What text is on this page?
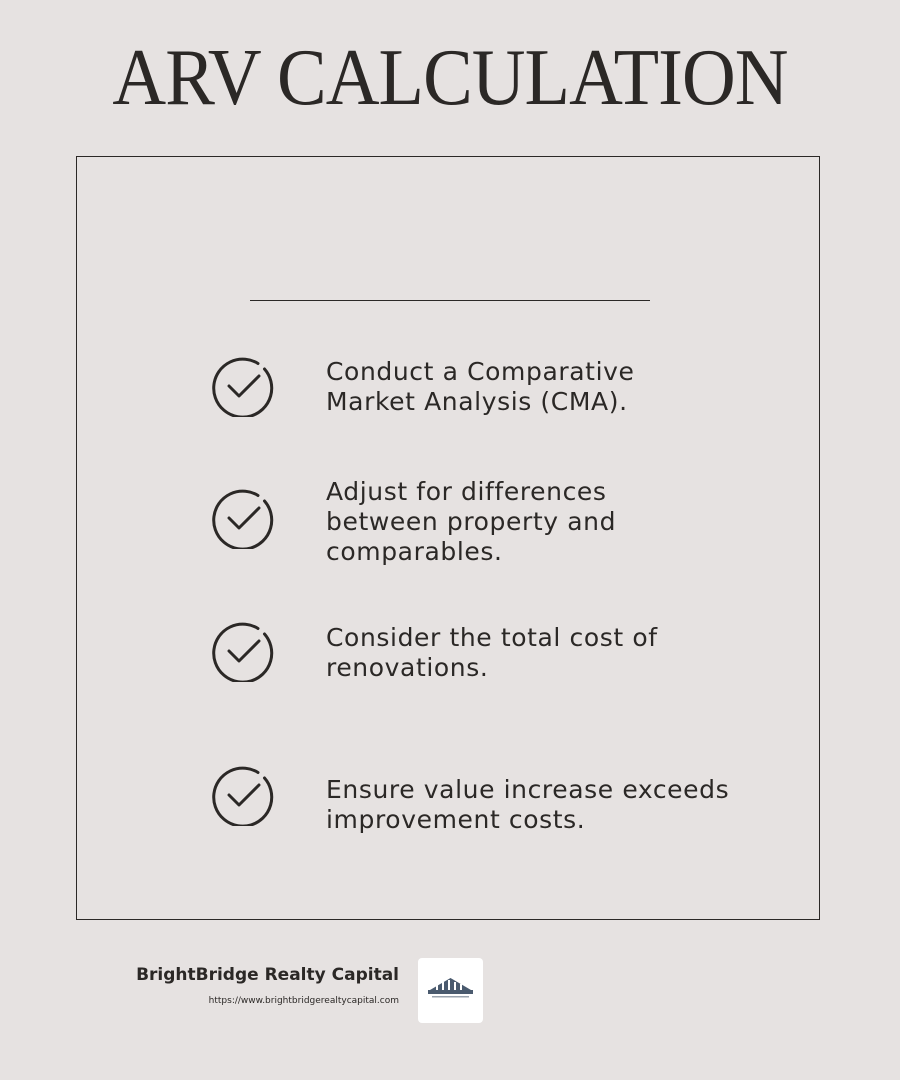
ARV CALCULATION
Conduct a Comparative Market Analysis (CMA).
Adjust for differences between property and comparables.
Consider the total cost of renovations.
Ensure value increase exceeds improvement costs.
BrightBridge Realty Capital
https://www.brightbridgerealtycapital.com
